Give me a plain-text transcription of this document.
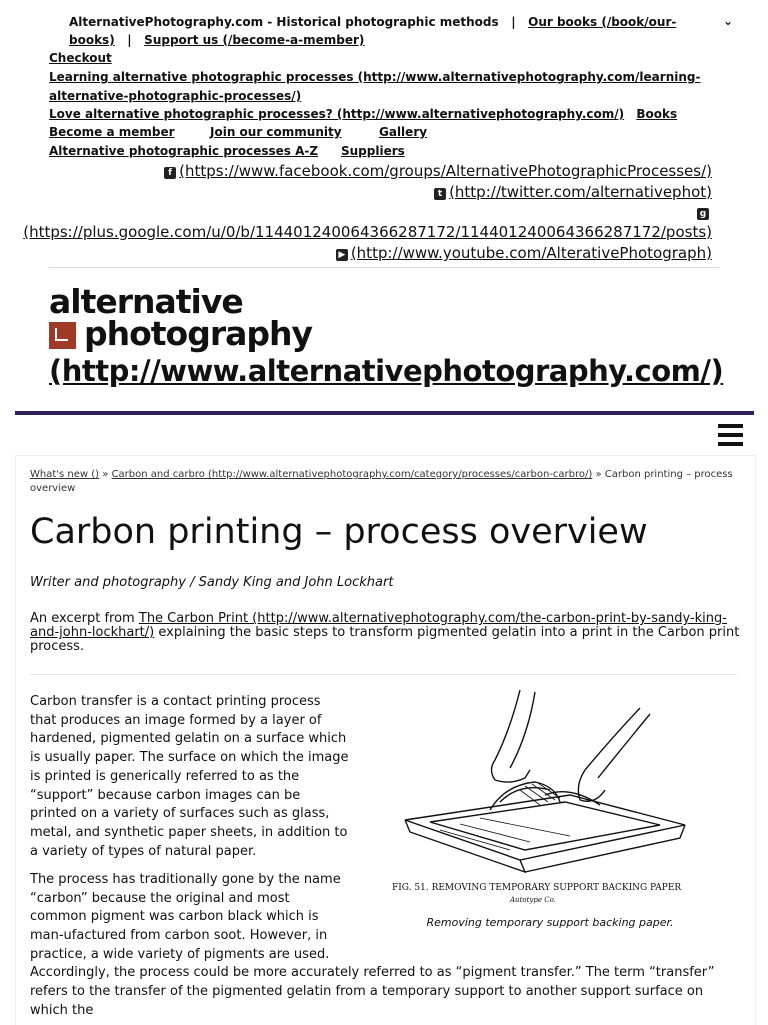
AlternativePhotography.com - Historical photographic methods | Our books (/book/our-
books) | Support us (/become-a-member)
⌄
Checkout
Learning alternative photographic processes (http://www.alternativephotography.com/learning-
alternative-photographic-processes/)
Love alternative photographic processes? (http://www.alternativephotography.com/) Books
Become a member	Join our community	Gallery
Alternative photographic processes A-Z Suppliers
f (https://www.facebook.com/groups/AlternativePhotographicProcesses/)
t (http://twitter.com/alternativephot)
g
(https://plus.google.com/u/0/b/114401240064366287172/114401240064366287172/posts)
▶ (http://www.youtube.com/AlterativePhotograph)
alternative
photography
(http://www.alternativephotography.com/)
What's new () » Carbon and carbro (http://www.alternativephotography.com/category/processes/carbon-carbro/) » Carbon printing – process
overview
Carbon printing – process overview
Writer and photography / Sandy King and John Lockhart
An excerpt from The Carbon Print (http://www.alternativephotography.com/the-carbon-print-by-sandy-king-and-john-lockhart/) explaining the basic steps to transform pigmented gelatin into a print in the Carbon print process.

Carbon transfer is a contact printing process that produces an image formed by a layer of hardened, pigmented gelatin on a surface which is usually paper. The surface on which the image is printed is generically referred to as the “support” because carbon images can be printed on a variety of surfaces such as glass, metal, and synthetic paper sheets, in addition to a variety of types of natural paper.

The process has traditionally gone by the name “carbon” because the original and most common pigment was carbon black which is man-ufactured from carbon soot. However, in practice, a wide variety of pigments are used.

Accordingly, the process could be more accurately referred to as “pigment transfer.” The term “transfer” refers to the transfer of the pigmented gelatin from a temporary support to another support surface on which the

FIG. 51. REMOVING TEMPORARY SUPPORT BACKING PAPER
Autotype Co.
Removing temporary support backing paper.
